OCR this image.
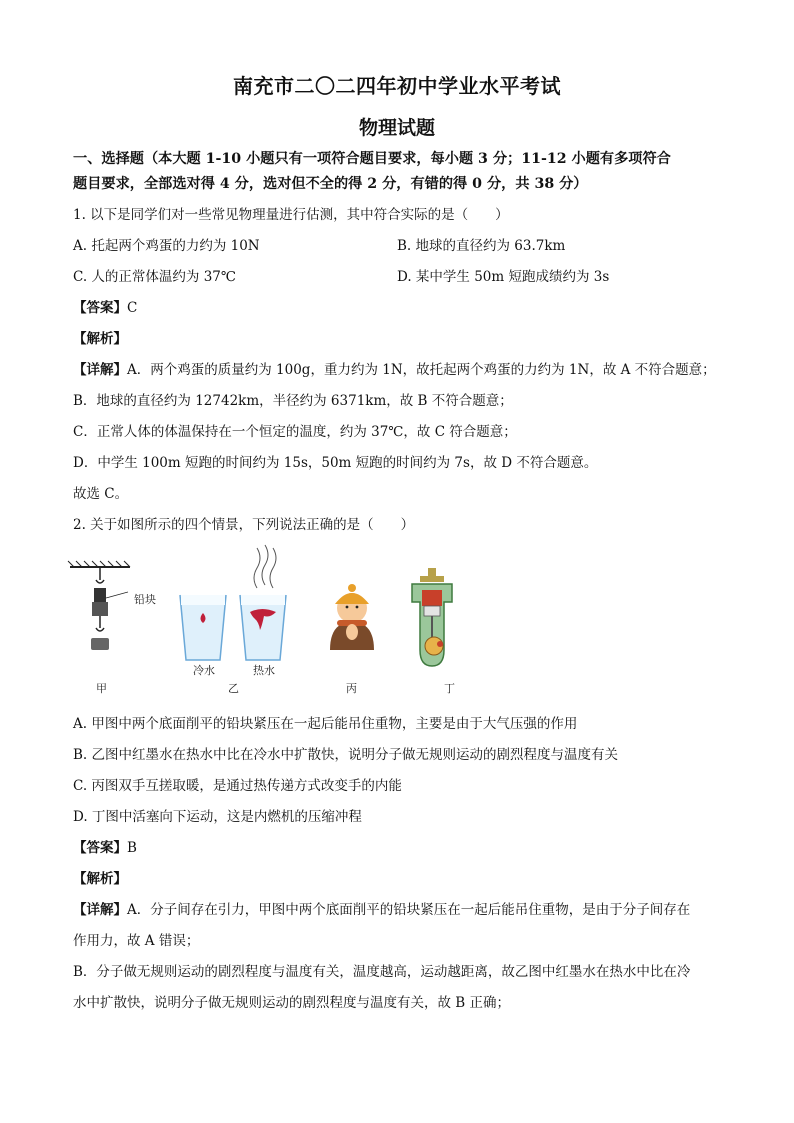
南充市二〇二四年初中学业水平考试
物理试题
一、选择题（本大题 1-10 小题只有一项符合题目要求，每小题 3 分；11-12 小题有多项符合
题目要求，全部选对得 4 分，选对但不全的得 2 分，有错的得 0 分，共 38 分）
1. 以下是同学们对一些常见物理量进行估测，其中符合实际的是（　　）
A. 托起两个鸡蛋的力约为 10N	B. 地球的直径约为 63.7km
C. 人的正常体温约为 37℃	D. 某中学生 50m 短跑成绩约为 3s
【答案】C
【解析】
【详解】A．两个鸡蛋的质量约为 100g，重力约为 1N，故托起两个鸡蛋的力约为 1N，故 A 不符合题意；
B．地球的直径约为 12742km，半径约为 6371km，故 B 不符合题意；
C．正常人体的体温保持在一个恒定的温度，约为 37℃，故 C 符合题意；
D．中学生 100m 短跑的时间约为 15s，50m 短跑的时间约为 7s，故 D 不符合题意。
故选 C。
2. 关于如图所示的四个情景，下列说法正确的是（　　）
铅块
冷水	热水
甲	乙	丙	丁
A. 甲图中两个底面削平的铅块紧压在一起后能吊住重物，主要是由于大气压强的作用
B. 乙图中红墨水在热水中比在冷水中扩散快，说明分子做无规则运动的剧烈程度与温度有关
C. 丙图双手互搓取暖，是通过热传递方式改变手的内能
D. 丁图中活塞向下运动，这是内燃机的压缩冲程
【答案】B
【解析】
【详解】A．分子间存在引力，甲图中两个底面削平的铅块紧压在一起后能吊住重物，是由于分子间存在
作用力，故 A 错误；
B．分子做无规则运动的剧烈程度与温度有关，温度越高，运动越距离，故乙图中红墨水在热水中比在冷
水中扩散快，说明分子做无规则运动的剧烈程度与温度有关，故 B 正确；
